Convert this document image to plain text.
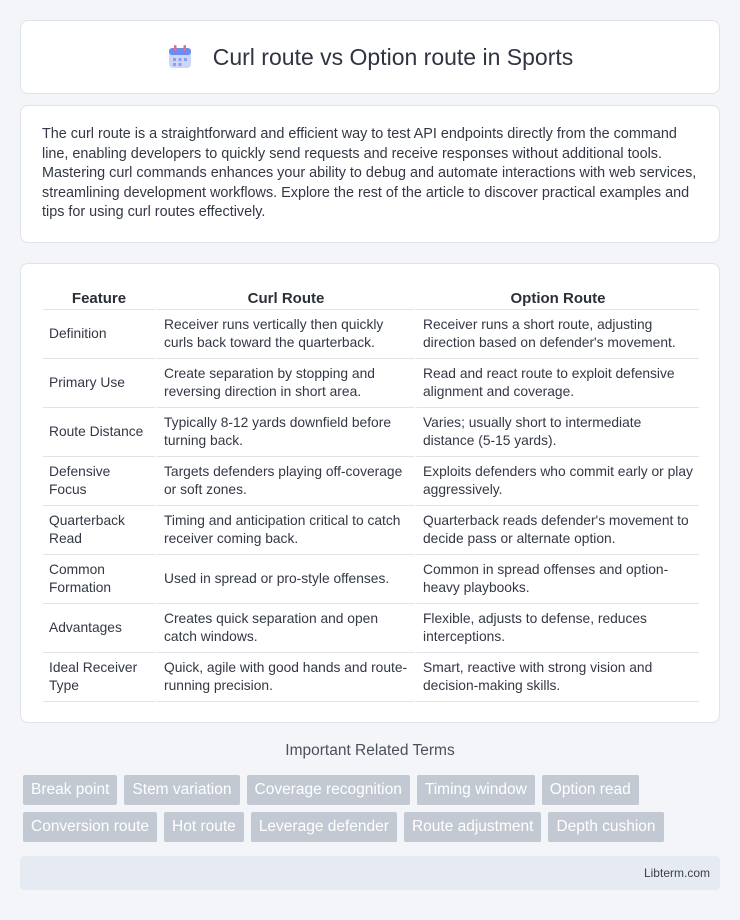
Curl route vs Option route in Sports

The curl route is a straightforward and efficient way to test API endpoints directly from the command line, enabling developers to quickly send requests and receive responses without additional tools. Mastering curl commands enhances your ability to debug and automate interactions with web services, streamlining development workflows. Explore the rest of the article to discover practical examples and tips for using curl routes effectively.

Feature	Curl Route	Option Route
Definition	Receiver runs vertically then quickly curls back toward the quarterback.	Receiver runs a short route, adjusting direction based on defender's movement.
Primary Use	Create separation by stopping and reversing direction in short area.	Read and react route to exploit defensive alignment and coverage.
Route Distance	Typically 8-12 yards downfield before turning back.	Varies; usually short to intermediate distance (5-15 yards).
Defensive Focus	Targets defenders playing off-coverage or soft zones.	Exploits defenders who commit early or play aggressively.
Quarterback Read	Timing and anticipation critical to catch receiver coming back.	Quarterback reads defender's movement to decide pass or alternate option.
Common Formation	Used in spread or pro-style offenses.	Common in spread offenses and option-heavy playbooks.
Advantages	Creates quick separation and open catch windows.	Flexible, adjusts to defense, reduces interceptions.
Ideal Receiver Type	Quick, agile with good hands and route-running precision.	Smart, reactive with strong vision and decision-making skills.
Important Related Terms
Break point	Stem variation	Coverage recognition	Timing window	Option read
Conversion route	Hot route	Leverage defender	Route adjustment	Depth cushion
Libterm.com
